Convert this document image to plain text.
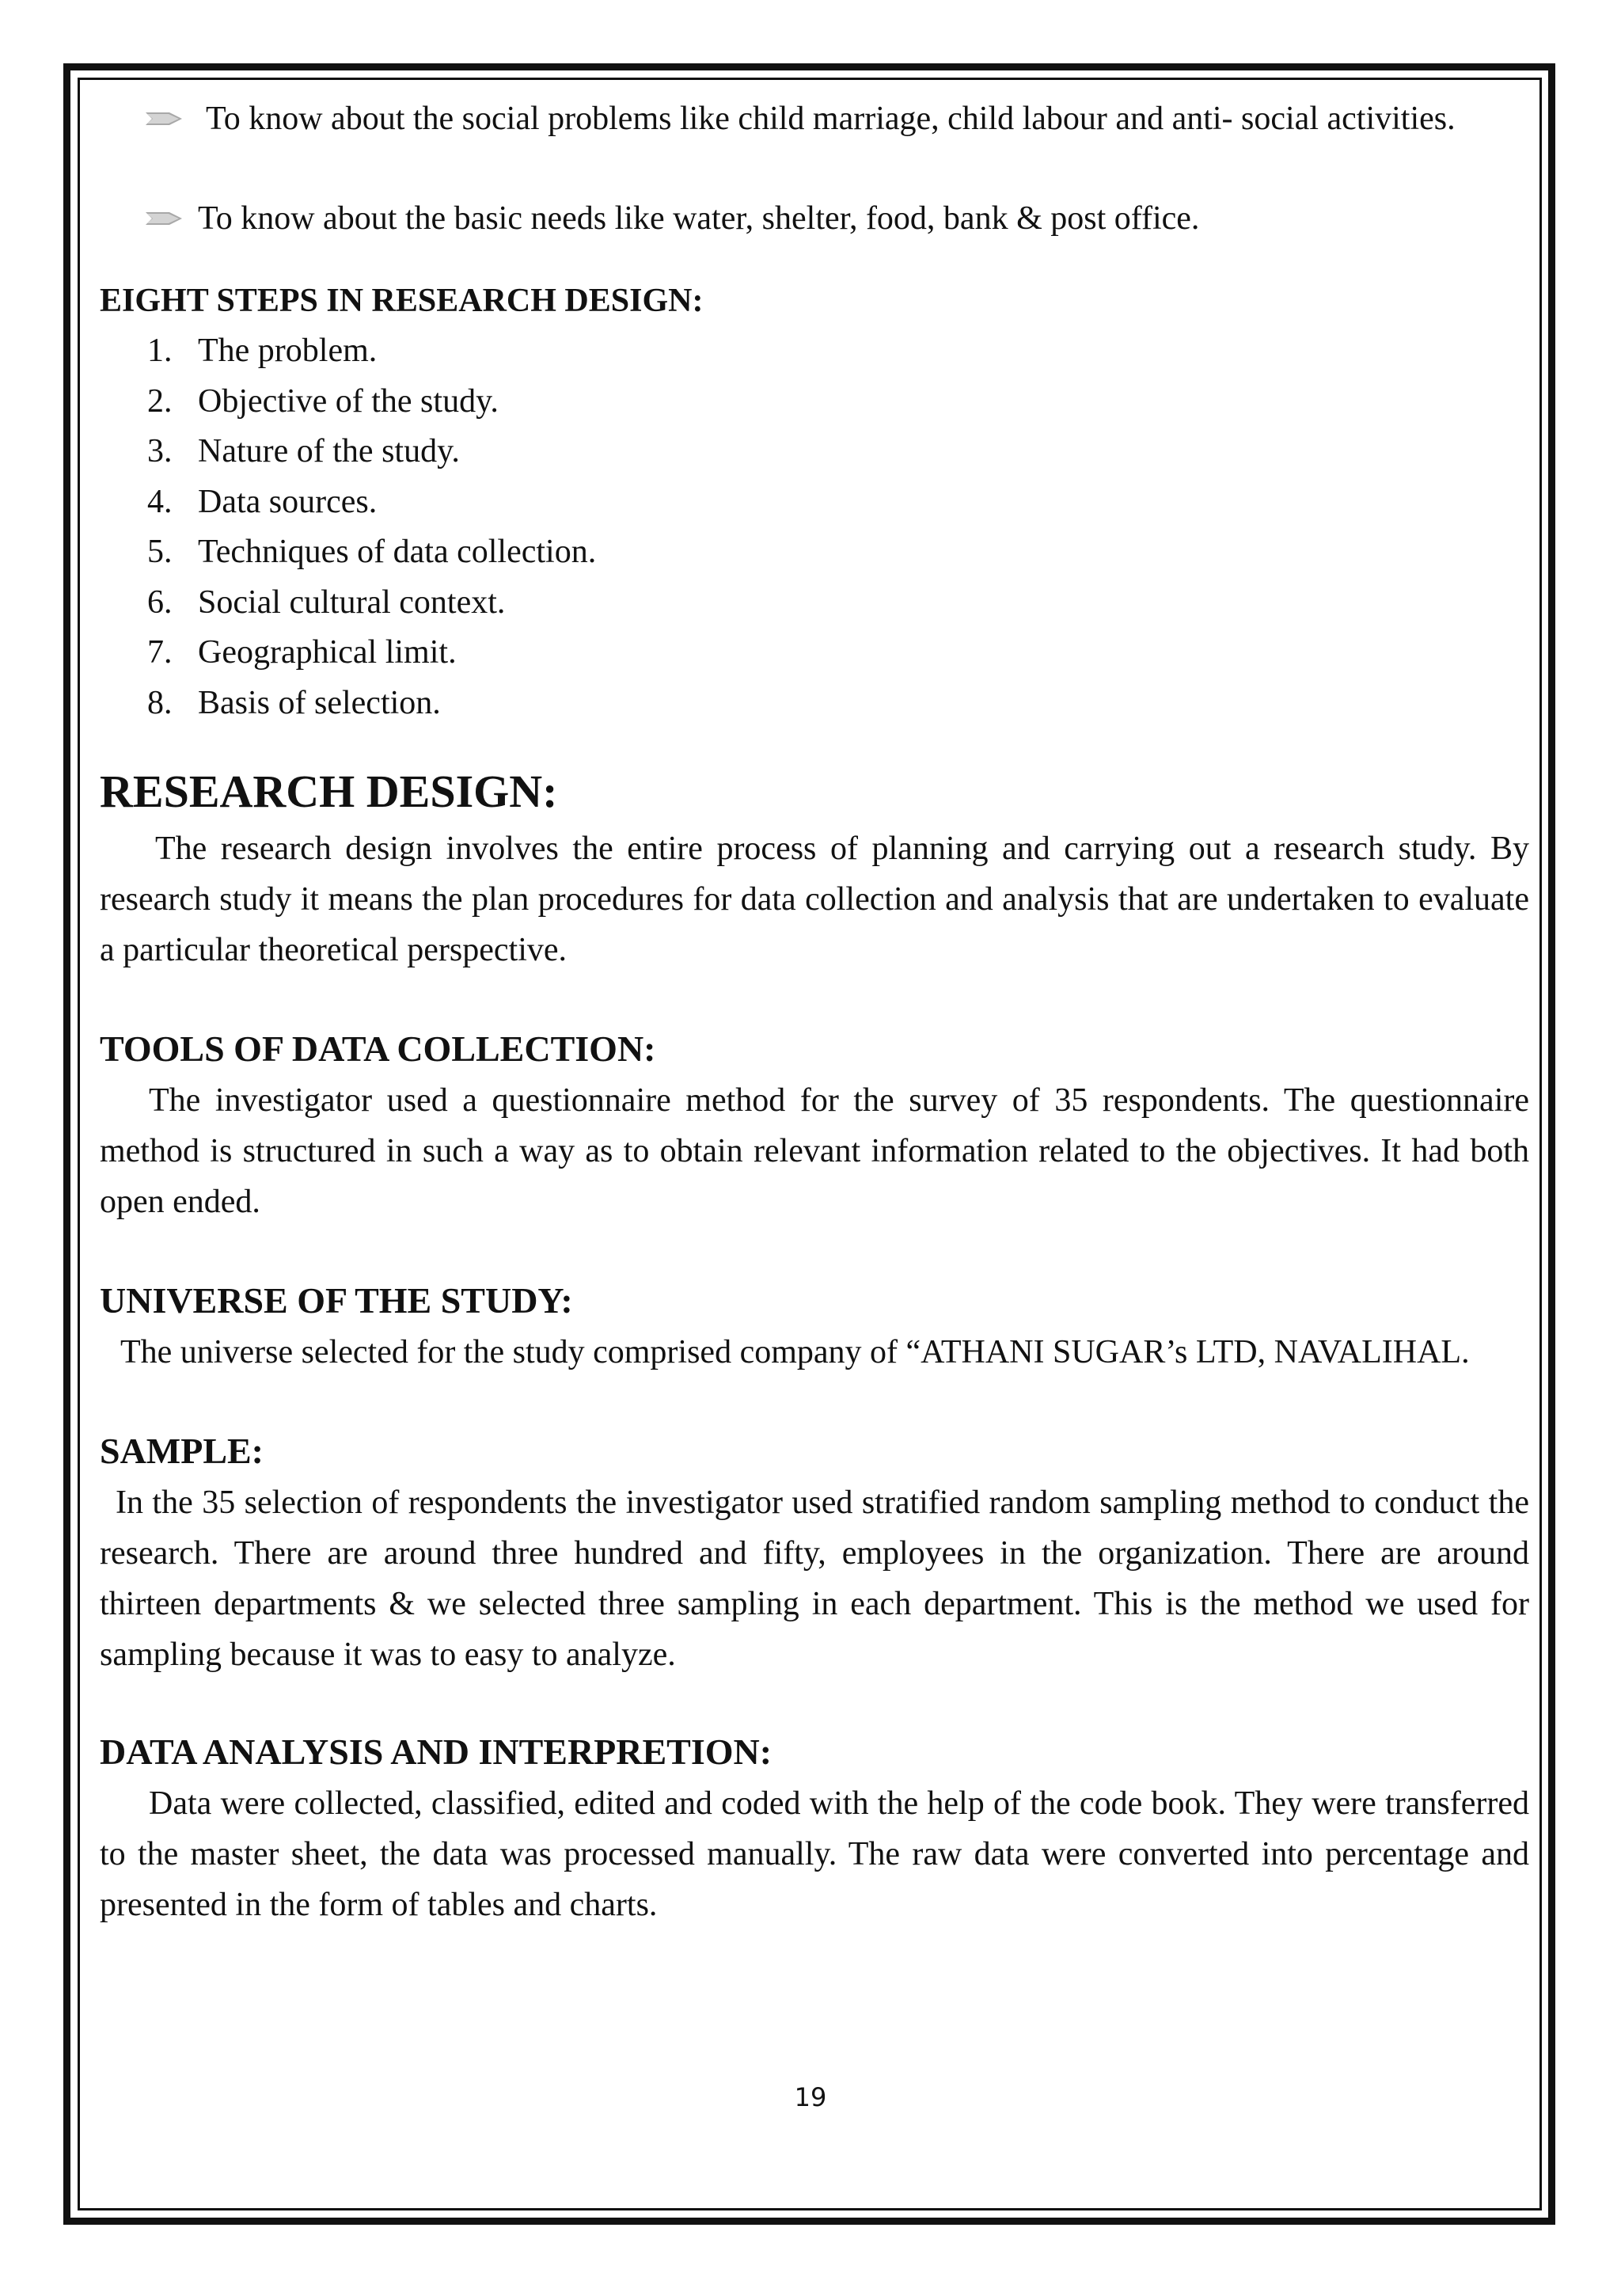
To know about the social problems like child marriage, child labour and anti- social activities.
To know about the basic needs like water, shelter, food, bank & post office.
EIGHT STEPS IN RESEARCH DESIGN:
1. The problem.
2. Objective of the study.
3. Nature of the study.
4. Data sources.
5. Techniques of data collection.
6. Social cultural context.
7. Geographical limit.
8. Basis of selection.
RESEARCH DESIGN:
The research design involves the entire process of planning and carrying out a research study. By research study it means the plan procedures for data collection and analysis that are undertaken to evaluate a particular theoretical perspective.
TOOLS OF DATA COLLECTION:
The investigator used a questionnaire method for the survey of 35 respondents. The questionnaire method is structured in such a way as to obtain relevant information related to the objectives. It had both open ended.
UNIVERSE OF THE STUDY:
The universe selected for the study comprised company of “ATHANI SUGAR’s LTD, NAVALIHAL.
SAMPLE:
In the 35 selection of respondents the investigator used stratified random sampling method to conduct the research. There are around three hundred and fifty, employees in the organization. There are around thirteen departments & we selected three sampling in each department. This is the method we used for sampling because it was to easy to analyze.
DATA ANALYSIS AND INTERPRETION:
Data were collected, classified, edited and coded with the help of the code book. They were transferred to the master sheet, the data was processed manually. The raw data were converted into percentage and presented in the form of tables and charts.
19
